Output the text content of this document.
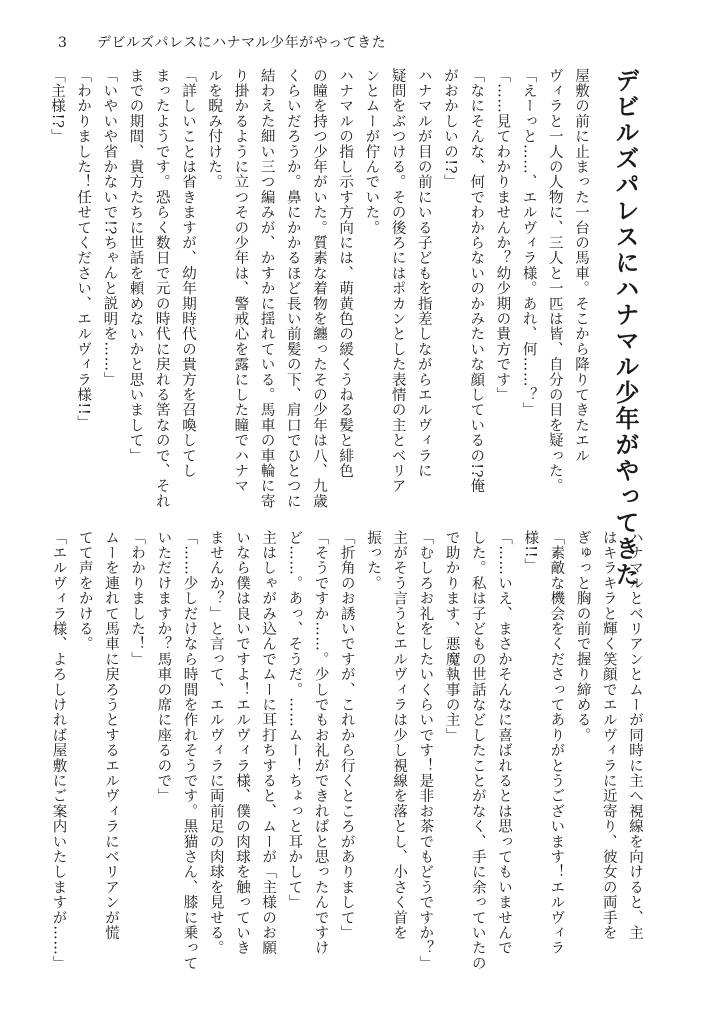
3 デビルズパレスにハナマル少年がやってきた
デビルズパレスにハナマル少年がやってきた
屋敷の前に止まった一台の馬車。そこから降りてきたエル
ヴィラと一人の人物に、三人と一匹は皆、自分の目を疑った。
「えーっと……、エルヴィラ様。あれ、何……？」
「……見てわかりませんか？幼少期の貴方です」
「なにそんな、何でわからないのかみたいな顔しているの!?俺
がおかしいの!?」
ハナマルが目の前にいる子どもを指差しながらエルヴィラに
疑問をぶつける。その後ろにはポカンとした表情の主とベリア
ンとムーが佇んでいた。
ハナマルの指し示す方向には、萌黄色の緩くうねる髪と緋色
の瞳を持つ少年がいた。質素な着物を纏ったその少年は八、九歳
くらいだろうか。鼻にかかるほど長い前髪の下、肩口でひとつに
結わえた細い三つ編みが、かすかに揺れている。馬車の車輪に寄
り掛かるように立つその少年は、警戒心を露にした瞳でハナマ
ルを睨み付けた。
「詳しいことは省きますが、幼年期時代の貴方を召喚してし
まったようです。恐らく数日で元の時代に戻れる筈なので、それ
までの期間、貴方たちに世話を頼めないかと思いまして」
「いやいや省かないで!?ちゃんと説明を……」
「わかりました！任せてください、エルヴィラ様!!」
「主様!?」
ハナマルとベリアンとムーが同時に主へ視線を向けると、主
はキラキラと輝く笑顔でエルヴィラに近寄り、彼女の両手を
ぎゅっと胸の前で握り締める。
「素敵な機会をくださってありがとうございます！エルヴィラ
様!!」
「……いえ、まさかそんなに喜ばれるとは思ってもいませんで
した。私は子どもの世話などしたことがなく、手に余っていたの
で助かります、悪魔執事の主」
「むしろお礼をしたいくらいです！是非お茶でもどうですか？」
主がそう言うとエルヴィラは少し視線を落とし、小さく首を
振った。
「折角のお誘いですが、これから行くところがありまして」
「そうですか……。少しでもお礼ができればと思ったんですけ
ど……。あっ、そうだ。……ムー！ちょっと耳かして」
主はしゃがみ込んでムーに耳打ちすると、ムーが「主様のお願
いなら僕は良いですよ！エルヴィラ様、僕の肉球を触っていき
ませんか？」と言って、エルヴィラに両前足の肉球を見せる。
「……少しだけなら時間を作れそうです。黒猫さん、膝に乗って
いただけますか？馬車の席に座るので」
「わかりました！」
ムーを連れて馬車に戻ろうとするエルヴィラにベリアンが慌
てて声をかける。
「エルヴィラ様、よろしければ屋敷にご案内いたしますが……」
